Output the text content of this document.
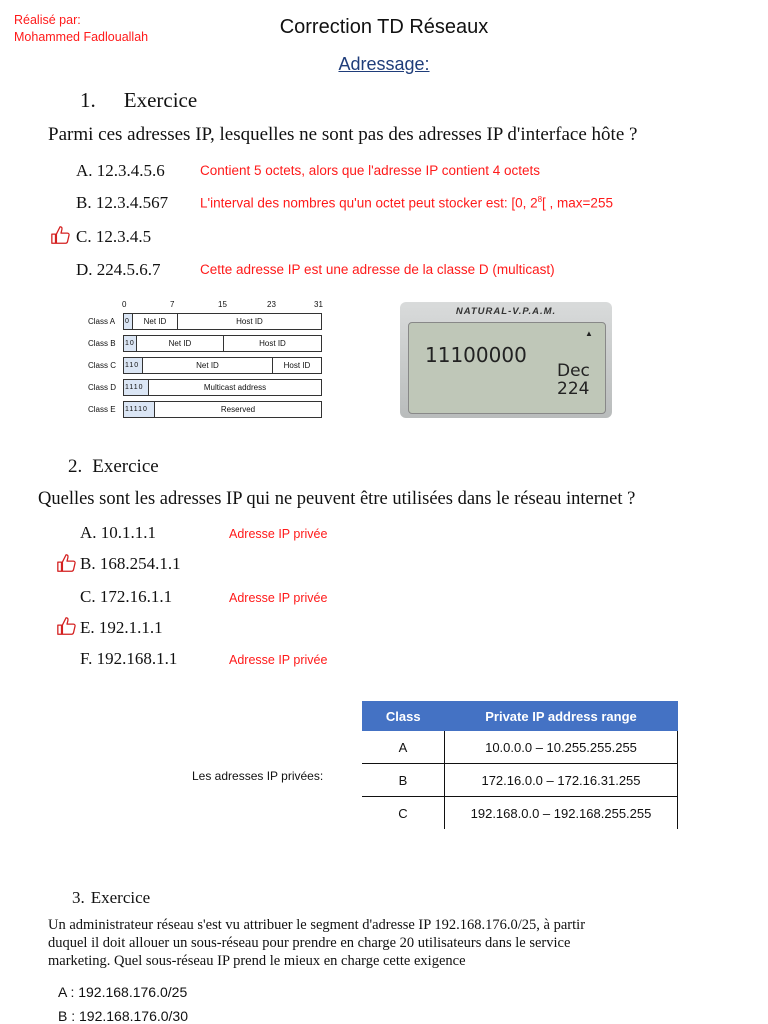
Réalisé par:
Mohammed Fadlouallah	Correction TD Réseaux
Adressage:
1. Exercice
Parmi ces adresses IP, lesquelles ne sont pas des adresses IP d'interface hôte ?
A. 12.3.4.5.6	Contient 5 octets, alors que l'adresse IP contient 4 octets
B. 12.3.4.567 L'interval des nombres qu'un octet peut stocker est: [0, $2^8$[ , max=255
C. 12.3.4.5
D. 224.5.6.7	Cette adresse IP est une adresse de la classe D (multicast)
0	7	15	23	31
Class A 0	Net ID	Host ID
Class B 10	Net ID	Host ID
Class C 110	Net ID	Host ID
Class D 1110	Multicast address
Class E 11110	Reserved
NATURAL-V.P.A.M.
▲
11100000
Dec
224
2. Exercice
Quelles sont les adresses IP qui ne peuvent être utilisées dans le réseau internet ?
A. 10.1.1.1	Adresse IP privée
B. 168.254.1.1
C. 172.16.1.1	Adresse IP privée
E. 192.1.1.1
F. 192.168.1.1	Adresse IP privée
Les adresses IP privées:
Class	Private IP address range
A	10.0.0.0 – 10.255.255.255
B	172.16.0.0 – 172.16.31.255
C	192.168.0.0 – 192.168.255.255
3. Exercice
Un administrateur réseau s'est vu attribuer le segment d'adresse IP 192.168.176.0/25, à partir
duquel il doit allouer un sous-réseau pour prendre en charge 20 utilisateurs dans le service
marketing. Quel sous-réseau IP prend le mieux en charge cette exigence
A : 192.168.176.0/25
B : 192.168.176.0/30
